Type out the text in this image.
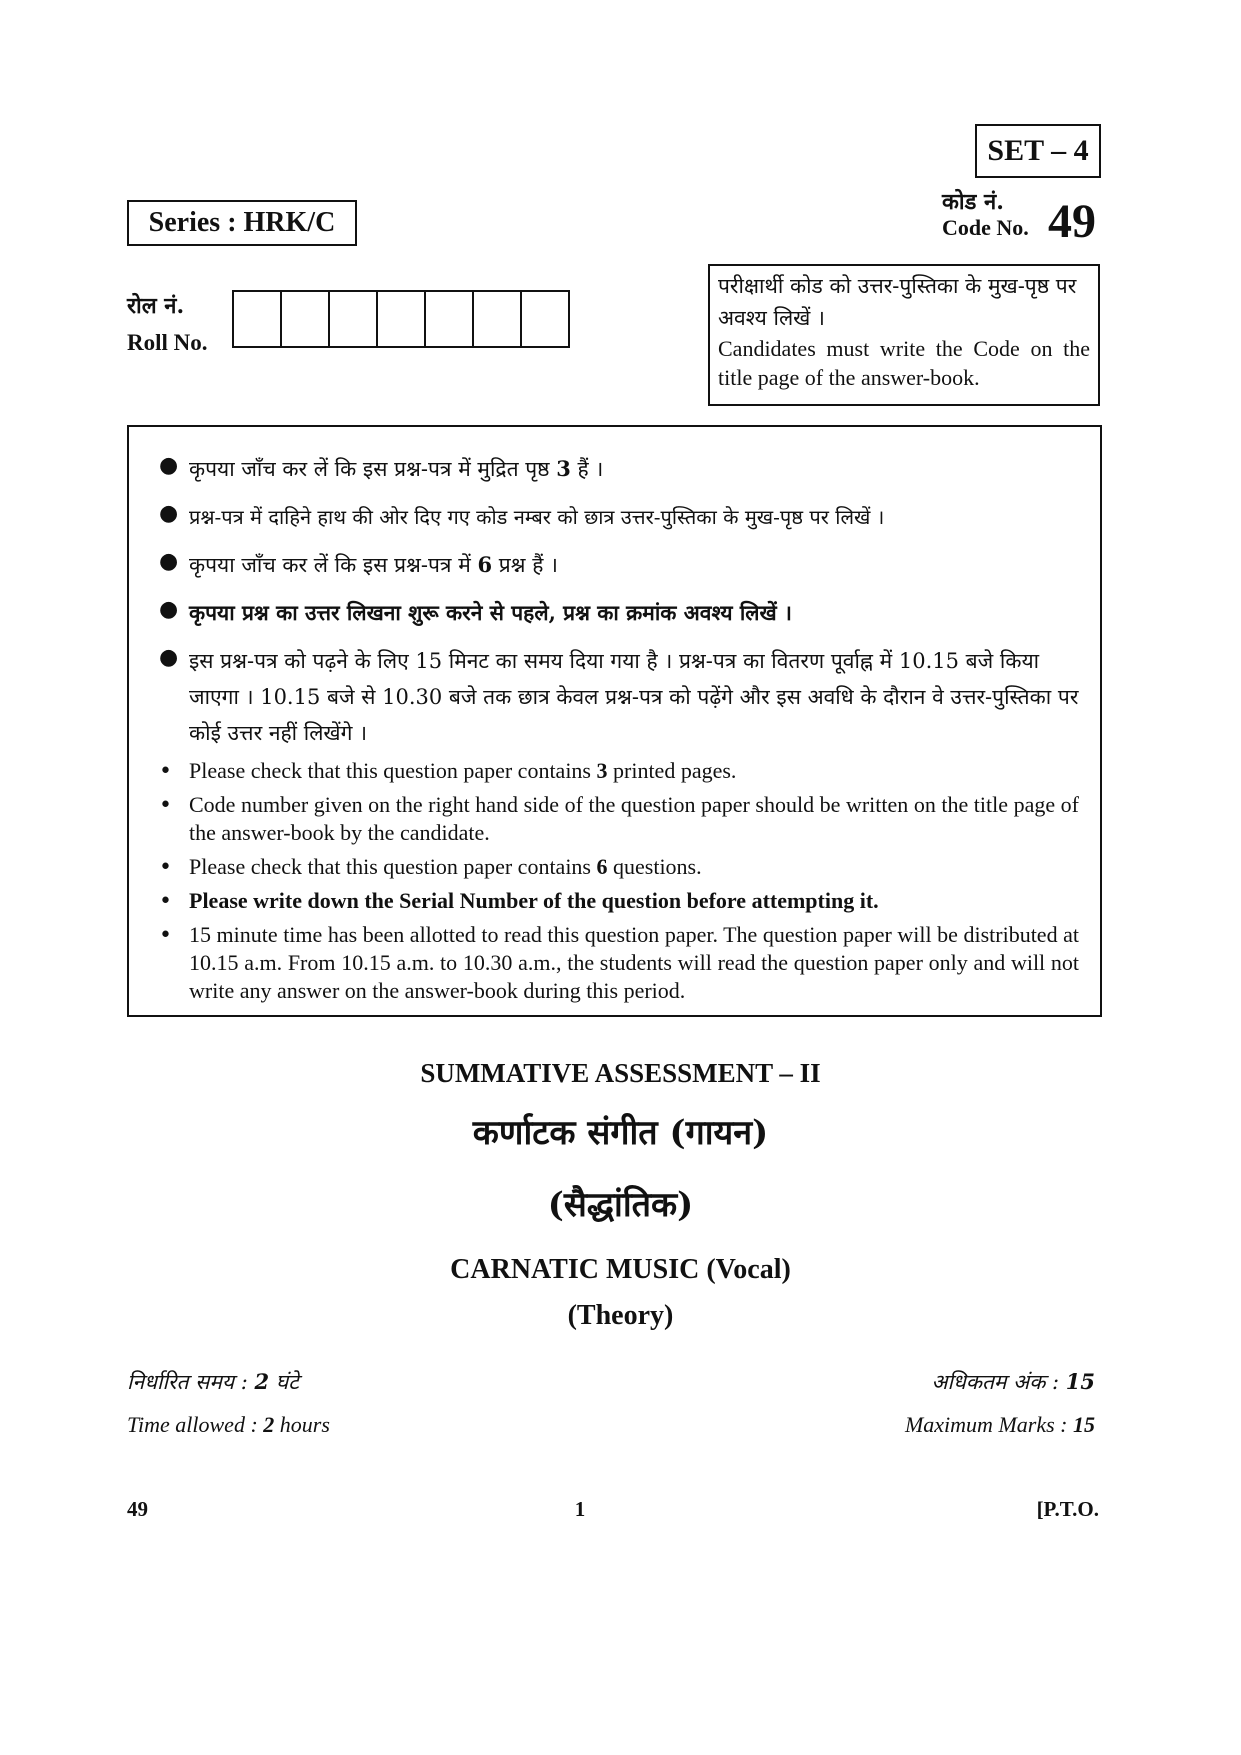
SET – 4
कोड नं.
Code No. 49
Series : HRK/C
रोल नं.
Roll No.
परीक्षार्थी कोड को उत्तर-पुस्तिका के मुख-पृष्ठ पर अवश्य लिखें ।
Candidates must write the Code on the title page of the answer-book.
● कृपया जाँच कर लें कि इस प्रश्न-पत्र में मुद्रित पृष्ठ 3 हैं ।
● प्रश्न-पत्र में दाहिने हाथ की ओर दिए गए कोड नम्बर को छात्र उत्तर-पुस्तिका के मुख-पृष्ठ पर लिखें ।
● कृपया जाँच कर लें कि इस प्रश्न-पत्र में 6 प्रश्न हैं ।
● कृपया प्रश्न का उत्तर लिखना शुरू करने से पहले, प्रश्न का क्रमांक अवश्य लिखें ।
● इस प्रश्न-पत्र को पढ़ने के लिए 15 मिनट का समय दिया गया है । प्रश्न-पत्र का वितरण पूर्वाह्न में 10.15 बजे किया जाएगा । 10.15 बजे से 10.30 बजे तक छात्र केवल प्रश्न-पत्र को पढ़ेंगे और इस अवधि के दौरान वे उत्तर-पुस्तिका पर कोई उत्तर नहीं लिखेंगे ।
• Please check that this question paper contains 3 printed pages.
• Code number given on the right hand side of the question paper should be written on the title page of the answer-book by the candidate.
• Please check that this question paper contains 6 questions.
• Please write down the Serial Number of the question before attempting it.
• 15 minute time has been allotted to read this question paper. The question paper will be distributed at 10.15 a.m. From 10.15 a.m. to 10.30 a.m., the students will read the question paper only and will not write any answer on the answer-book during this period.
SUMMATIVE ASSESSMENT – II
कर्णाटक संगीत (गायन)
(सैद्धांतिक)
CARNATIC MUSIC (Vocal)
(Theory)
निर्धारित समय : 2 घंटे
Time allowed : 2 hours
अधिकतम अंक : 15
Maximum Marks : 15
49	1	[P.T.O.
